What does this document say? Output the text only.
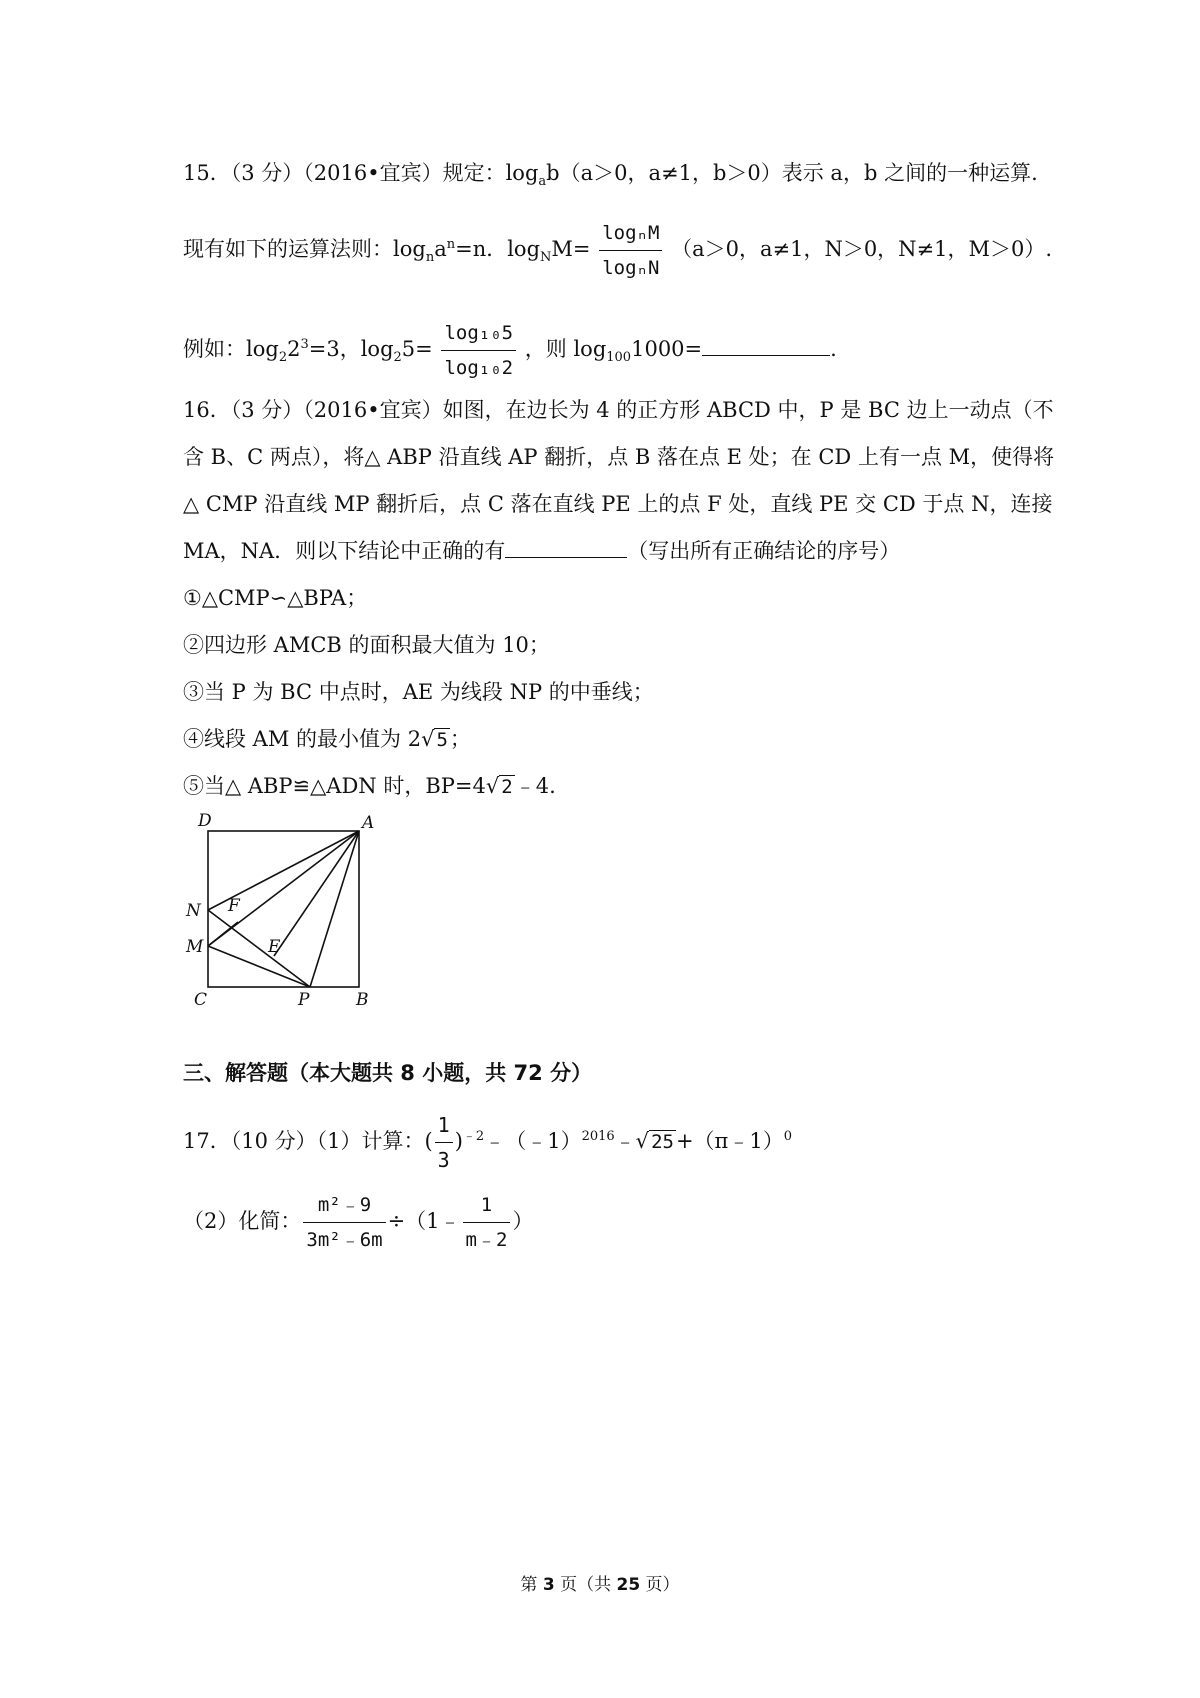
15．（3 分）（2016•宜宾）规定：$\log_ab(a>0$，a≠1，b＞0）表示 a，b 之间的一种运算.
现有如下的运算法则：$\log_na^n=n$．$\log_NM= \frac{\text{logₙM}}{\text{logₙN}} (a>0$，a≠1，N＞0，N≠1，M＞0）.
例如：$\log_22^3=3$，$\log_25= \frac{\text{log₁₀5}}{\text{log₁₀2}}$ ，则 $\log_{100}1000=$	.
16．（3 分）（2016•宜宾）如图，在边长为 4 的正方形 ABCD 中，P 是 BC 边上一动点（不
含 B、C 两点），将△ ABP 沿直线 AP 翻折，点 B 落在点 E 处；在 CD 上有一点 M，使得将
△ CMP 沿直线 MP 翻折后，点 C 落在直线 PE 上的点 F 处，直线 PE 交 CD 于点 N，连接
MA，NA．则以下结论中正确的有	（写出所有正确结论的序号）
①△CMP∽△BPA；
②四边形 AMCB 的面积最大值为 10；
③当 P 为 BC 中点时，AE 为线段 NP 的中垂线；
④线段 AM 的最小值为 2√ 5；
⑤当△ ABP≌△ADN 时，BP=4√ 2﹣4.
D	A
N F
M	E
C	P	B
三、解答题（本大题共 8 小题，共 72 分）
17．（10 分）（1）计算：( $\frac{1}{3}$ )$^{﹣2}$﹣（﹣1）$^{2016}$﹣√ 25+（π﹣1）$^0$
（2）化简： $\frac{\text{m²﹣9}}{\text{3m²﹣6m}}$ ÷（1﹣ $\frac{1}{m﹣2}$ ）
第 3 页（共 25 页）
